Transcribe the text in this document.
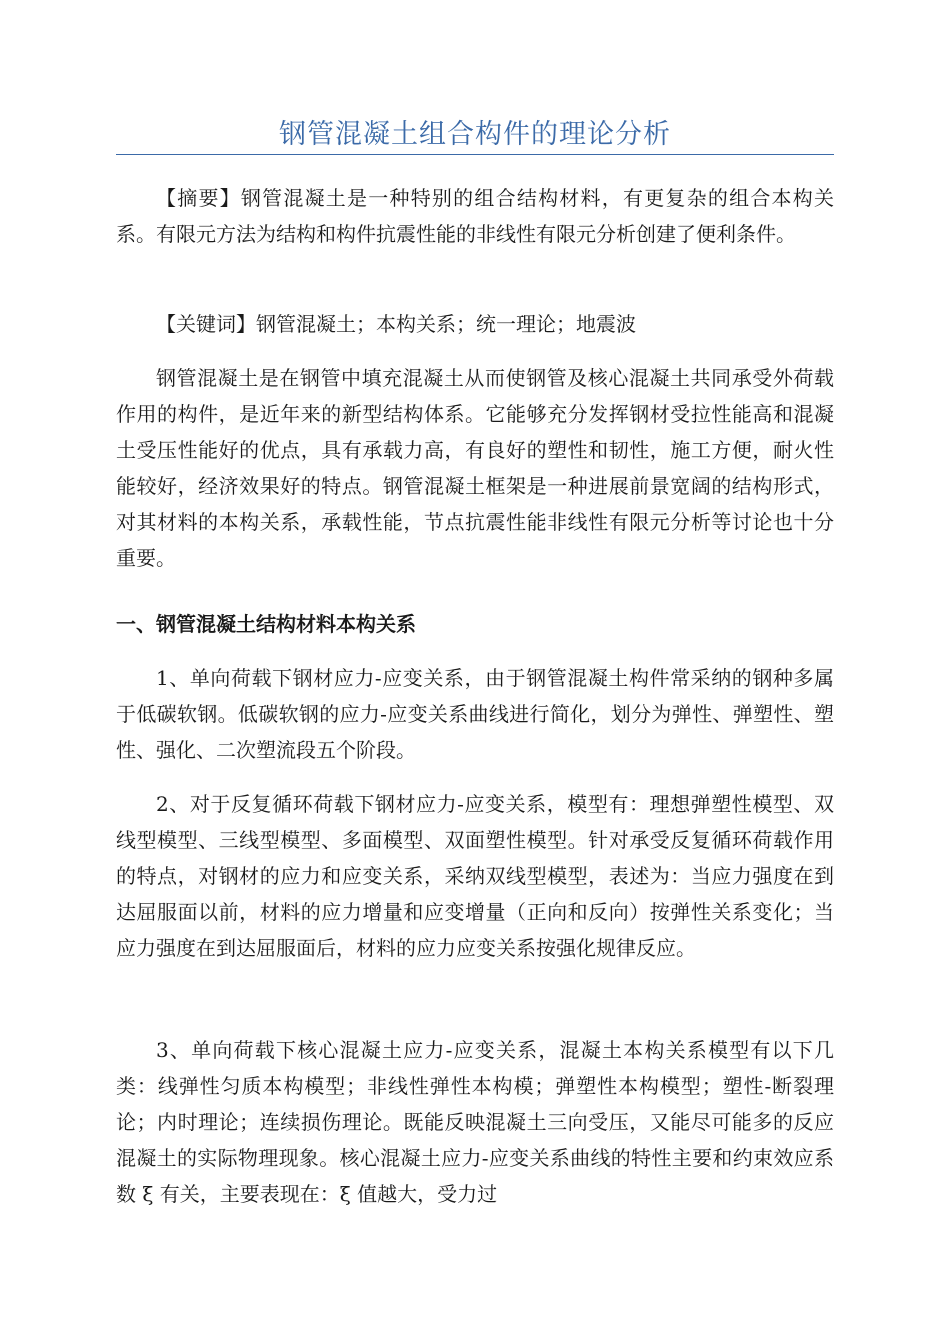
钢管混凝土组合构件的理论分析

【摘要】钢管混凝土是一种特别的组合结构材料，有更复杂的组合本构关系。有限元方法为结构和构件抗震性能的非线性有限元分析创建了便利条件。

【关键词】钢管混凝土；本构关系；统一理论；地震波

钢管混凝土是在钢管中填充混凝土从而使钢管及核心混凝土共同承受外荷载作用的构件，是近年来的新型结构体系。它能够充分发挥钢材受拉性能高和混凝土受压性能好的优点，具有承载力高，有良好的塑性和韧性，施工方便，耐火性能较好，经济效果好的特点。钢管混凝土框架是一种进展前景宽阔的结构形式，对其材料的本构关系，承载性能，节点抗震性能非线性有限元分析等讨论也十分重要。

一、钢管混凝土结构材料本构关系

1、单向荷载下钢材应力-应变关系，由于钢管混凝土构件常采纳的钢种多属于低碳软钢。低碳软钢的应力-应变关系曲线进行简化，划分为弹性、弹塑性、塑性、强化、二次塑流段五个阶段。

2、对于反复循环荷载下钢材应力-应变关系，模型有：理想弹塑性模型、双线型模型、三线型模型、多面模型、双面塑性模型。针对承受反复循环荷载作用的特点，对钢材的应力和应变关系，采纳双线型模型，表述为：当应力强度在到达屈服面以前，材料的应力增量和应变增量（正向和反向）按弹性关系变化；当应力强度在到达屈服面后，材料的应力应变关系按强化规律反应。

3、单向荷载下核心混凝土应力-应变关系，混凝土本构关系模型有以下几类：线弹性匀质本构模型；非线性弹性本构模；弹塑性本构模型；塑性-断裂理论；内时理论；连续损伤理论。既能反映混凝土三向受压，又能尽可能多的反应混凝土的实际物理现象。核心混凝土应力-应变关系曲线的特性主要和约束效应系数 ξ 有关，主要表现在：ξ 值越大，受力过
